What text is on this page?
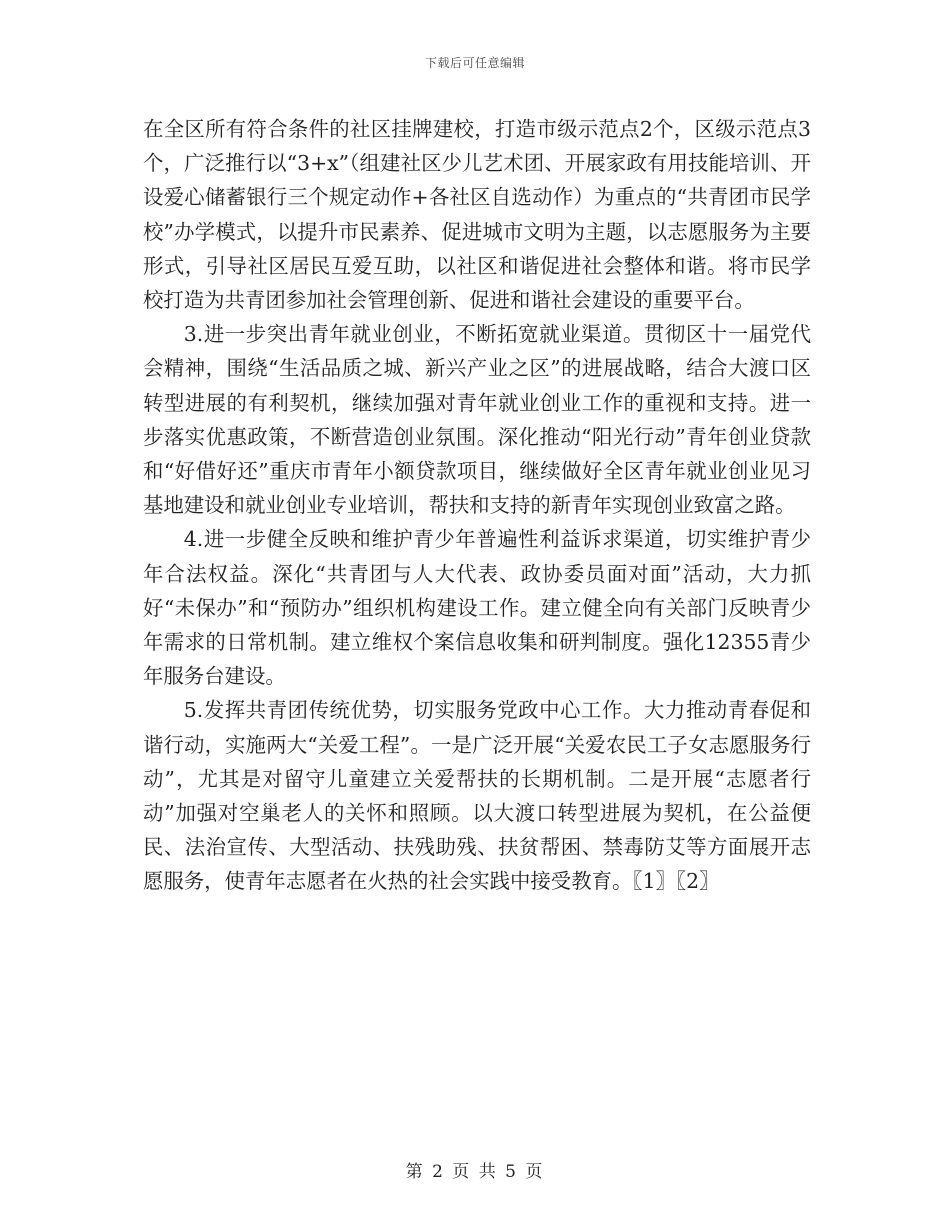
下载后可任意编辑

在全区所有符合条件的社区挂牌建校，打造市级示范点2个，区级示范点3个，广泛推行以“3+x”（组建社区少儿艺术团、开展家政有用技能培训、开设爱心储蓄银行三个规定动作+各社区自选动作）为重点的“共青团市民学校”办学模式，以提升市民素养、促进城市文明为主题，以志愿服务为主要形式，引导社区居民互爱互助，以社区和谐促进社会整体和谐。将市民学校打造为共青团参加社会管理创新、促进和谐社会建设的重要平台。

3.进一步突出青年就业创业，不断拓宽就业渠道。贯彻区十一届党代会精神，围绕“生活品质之城、新兴产业之区”的进展战略，结合大渡口区转型进展的有利契机，继续加强对青年就业创业工作的重视和支持。进一步落实优惠政策，不断营造创业氛围。深化推动“阳光行动”青年创业贷款和“好借好还”重庆市青年小额贷款项目，继续做好全区青年就业创业见习基地建设和就业创业专业培训，帮扶和支持的新青年实现创业致富之路。

4.进一步健全反映和维护青少年普遍性利益诉求渠道，切实维护青少年合法权益。深化“共青团与人大代表、政协委员面对面”活动，大力抓好“未保办”和“预防办”组织机构建设工作。建立健全向有关部门反映青少年需求的日常机制。建立维权个案信息收集和研判制度。强化12355青少年服务台建设。

5.发挥共青团传统优势，切实服务党政中心工作。大力推动青春促和谐行动，实施两大“关爱工程”。一是广泛开展“关爱农民工子女志愿服务行动”，尤其是对留守儿童建立关爱帮扶的长期机制。二是开展“志愿者行动”加强对空巢老人的关怀和照顾。以大渡口转型进展为契机，在公益便民、法治宣传、大型活动、扶残助残、扶贫帮困、禁毒防艾等方面展开志愿服务，使青年志愿者在火热的社会实践中接受教育。〖1〗〖2〗

第 2 页 共 5 页
